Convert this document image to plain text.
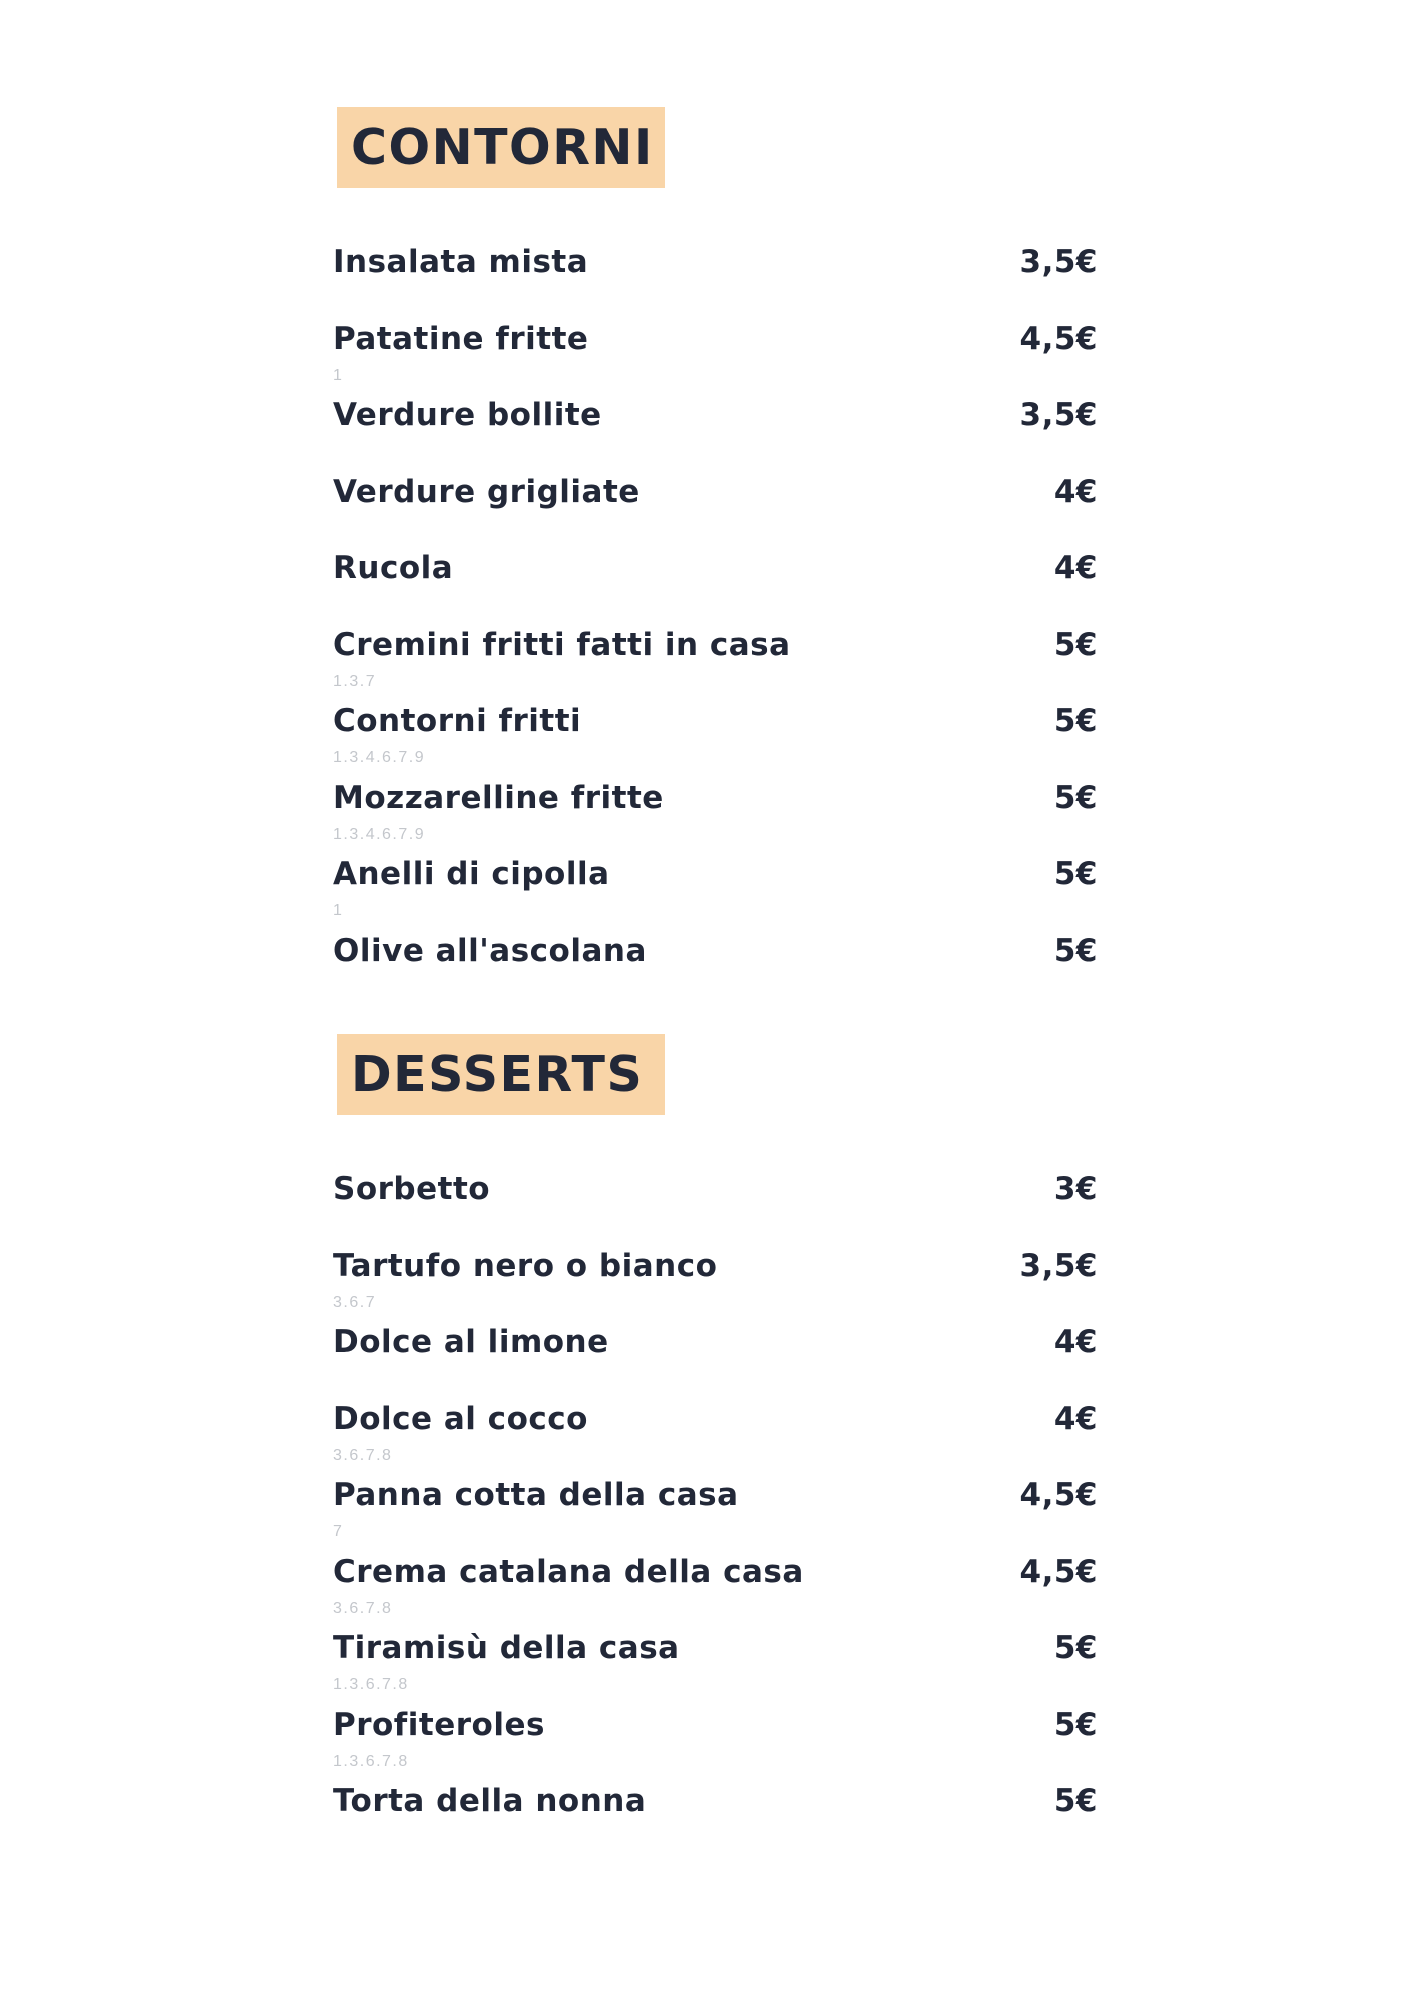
CONTORNI
Insalata mista	3,5€
Patatine fritte	4,5€
1
Verdure bollite	3,5€
Verdure grigliate	4€
Rucola	4€
Cremini fritti fatti in casa	5€
1.3.7
Contorni fritti	5€
1.3.4.6.7.9
Mozzarelline fritte	5€
1.3.4.6.7.9
Anelli di cipolla	5€
1
Olive all'ascolana	5€
DESSERTS
Sorbetto	3€
Tartufo nero o bianco	3,5€
3.6.7
Dolce al limone	4€
Dolce al cocco	4€
3.6.7.8
Panna cotta della casa	4,5€
7
Crema catalana della casa	4,5€
3.6.7.8
Tiramisù della casa	5€
1.3.6.7.8
Profiteroles	5€
1.3.6.7.8
Torta della nonna	5€
